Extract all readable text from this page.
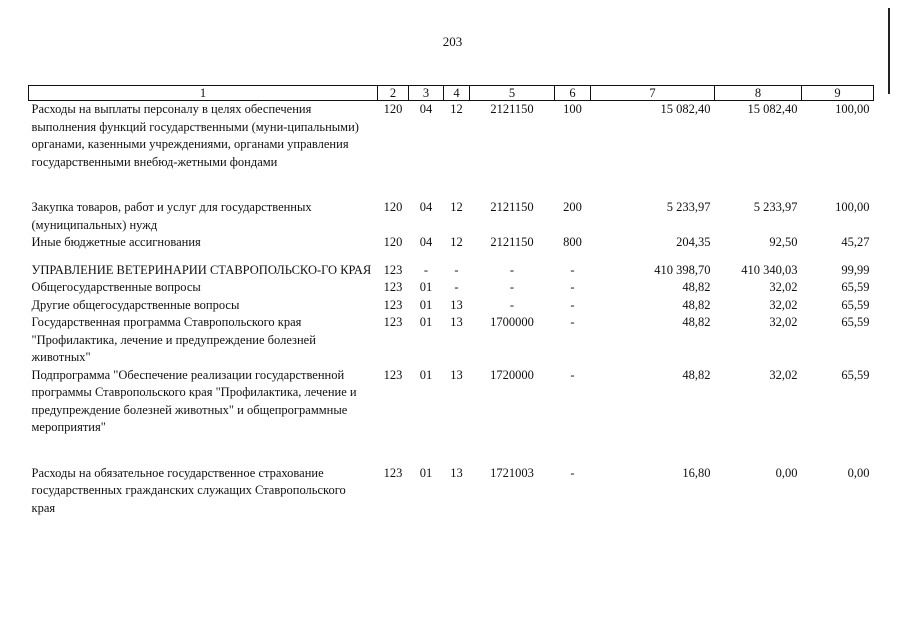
203
1	2	3	4	5	6	7	8	9
Расходы на выплаты персоналу в целях обеспечения выполнения функций государственными (муни-ципальными) органами, казенными учреждениями, органами управления государственными внебюд-жетными фондами	120	04	12	2121150	100	15 082,40	15 082,40	100,00
Закупка товаров, работ и услуг для государственных (муниципальных) нужд	120	04	12	2121150	200	5 233,97	5 233,97	100,00
Иные бюджетные ассигнования	120	04	12	2121150	800	204,35	92,50	45,27
УПРАВЛЕНИЕ ВЕТЕРИНАРИИ СТАВРОПОЛЬСКО-ГО КРАЯ	123	-	-	-	-	410 398,70	410 340,03	99,99
Общегосударственные вопросы	123	01	-	-	-	48,82	32,02	65,59
Другие общегосударственные вопросы	123	01	13	-	-	48,82	32,02	65,59
Государственная программа Ставропольского края "Профилактика, лечение и предупреждение болезней животных"	123	01	13	1700000	-	48,82	32,02	65,59
Подпрограмма "Обеспечение реализации государственной программы Ставропольского края "Профилактика, лечение и предупреждение болезней животных" и общепрограммные мероприятия"	123	01	13	1720000	-	48,82	32,02	65,59
Расходы на обязательное государственное страхование государственных гражданских служащих Ставропольского края	123	01	13	1721003	-	16,80	0,00	0,00
